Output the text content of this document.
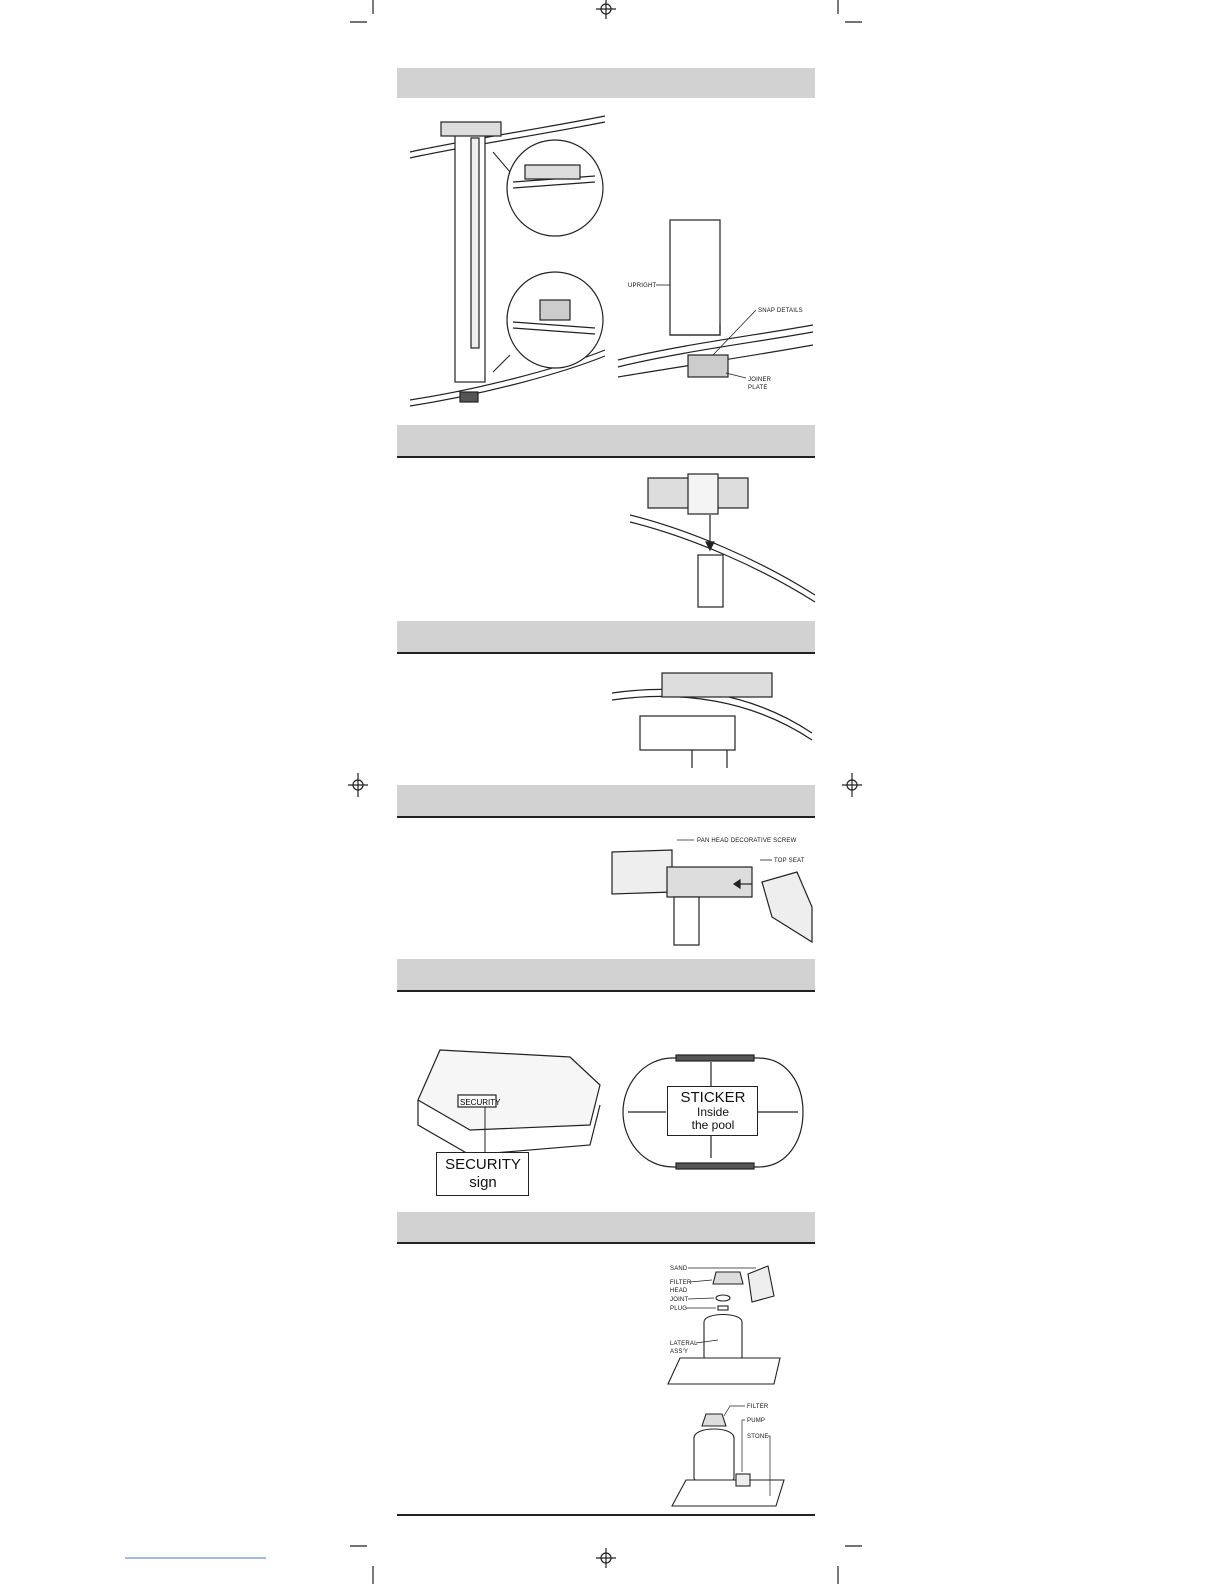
UPRIGHT
SNAP DETAILS
JOINER
PLATE
PAN HEAD DECORATIVE SCREW
TOP SEAT
SECURITY
SECURITY
sign
STICKER
Inside
the pool
SAND
FILTER
HEAD
JOINT
PLUG
LATERAL
ASS'Y
FILTER
PUMP
STONE
